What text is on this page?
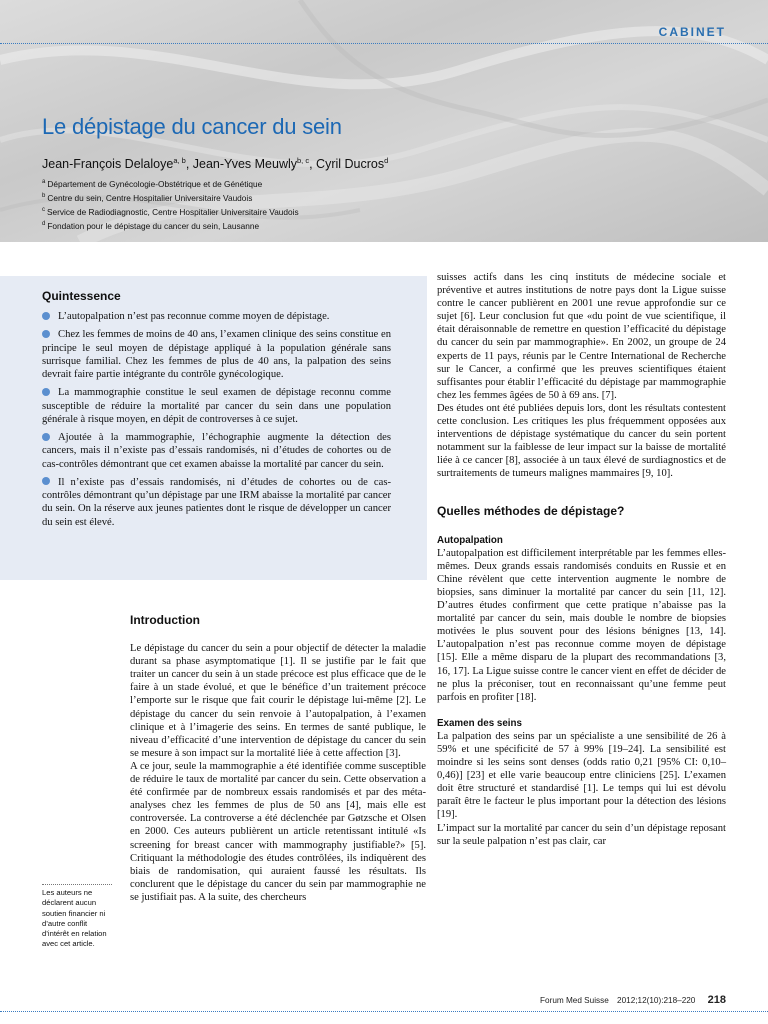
CABINET
Le dépistage du cancer du sein
Jean-François Delaloye$^{a, b}$, Jean-Yves Meuwly$^{b, c}$, Cyril Ducros$^d$
$^a$ Département de Gynécologie-Obstétrique et de Génétique
$^b$ Centre du sein, Centre Hospitalier Universitaire Vaudois
$^c$ Service de Radiodiagnostic, Centre Hospitalier Universitaire Vaudois
$^d$ Fondation pour le dépistage du cancer du sein, Lausanne
Quintessence
L’autopalpation n’est pas reconnue comme moyen de dépistage.
Chez les femmes de moins de 40 ans, l’examen clinique des seins constitue en principe le seul moyen de dépistage appliqué à la population générale sans surrisque familial. Chez les femmes de plus de 40 ans, la palpation des seins devrait faire partie intégrante du contrôle gynécologique.
La mammographie constitue le seul examen de dépistage reconnu comme susceptible de réduire la mortalité par cancer du sein dans une population générale à risque moyen, en dépit de controverses à ce sujet.
Ajoutée à la mammographie, l’échographie augmente la détection des cancers, mais il n’existe pas d’essais randomisés, ni d’études de cohortes ou de cas-contrôles démontrant que cet examen abaisse la mortalité par cancer du sein.
Il n’existe pas d’essais randomisés, ni d’études de cohortes ou de cas-contrôles démontrant qu’un dépistage par une IRM abaisse la mortalité par cancer du sein. On la réserve aux jeunes patientes dont le risque de développer un cancer du sein est élevé.
Introduction

Le dépistage du cancer du sein a pour objectif de détecter la maladie durant sa phase asymptomatique [1]. Il se justifie par le fait que traiter un cancer du sein à un stade précoce est plus efficace que de le faire à un stade évolué, et que le bénéfice d’un traitement précoce l’emporte sur le risque que fait courir le dépistage lui-même [2]. Le dépistage du cancer du sein renvoie à l’autopalpation, à l’examen clinique et à l’imagerie des seins. En termes de santé publique, le niveau d’efficacité d’une intervention de dépistage du cancer du sein se mesure à son impact sur la mortalité liée à cette affection [3].

A ce jour, seule la mammographie a été identifiée comme susceptible de réduire le taux de mortalité par cancer du sein. Cette observation a été confirmée par de nombreux essais randomisés et par des méta-analyses chez les femmes de plus de 50 ans [4], mais elle est controversée. La controverse a été déclenchée par Gøtzsche et Olsen en 2000. Ces auteurs publièrent un article retentissant intitulé «Is screening for breast cancer with mammography justifiable?» [5]. Critiquant la méthodologie des études contrôlées, ils indiquèrent des biais de randomisation, qui auraient faussé les résultats. Ils conclurent que le dépistage du cancer du sein par mammographie ne se justifiait pas. A la suite, des chercheurs

Les auteurs ne déclarent aucun soutien financier ni d’autre conflit d’intérêt en relation avec cet article.

suisses actifs dans les cinq instituts de médecine sociale et préventive et autres institutions de notre pays dont la Ligue suisse contre le cancer publièrent en 2001 une revue approfondie sur ce sujet [6]. Leur conclusion fut que «du point de vue scientifique, il était déraisonnable de remettre en question l’efficacité du dépistage du cancer du sein par mammographie». En 2002, un groupe de 24 experts de 11 pays, réunis par le Centre International de Recherche sur le Cancer, a confirmé que les preuves scientifiques étaient suffisantes pour établir l’efficacité du dépistage par mammographie chez les femmes âgées de 50 à 69 ans. [7].

Des études ont été publiées depuis lors, dont les résultats contestent cette conclusion. Les critiques les plus fréquemment opposées aux interventions de dépistage systématique du cancer du sein portent notamment sur la faiblesse de leur impact sur la baisse de mortalité liée à ce cancer [8], associée à un taux élevé de surdiagnostics et de surtraitements de tumeurs malignes mammaires [9, 10].

Quelles méthodes de dépistage?
Autopalpation

L’autopalpation est difficilement interprétable par les femmes elles-mêmes. Deux grands essais randomisés conduits en Russie et en Chine révèlent que cette intervention augmente le nombre de biopsies, sans diminuer la mortalité par cancer du sein [11, 12]. D’autres études confirment que cette pratique n’abaisse pas la mortalité par cancer du sein, mais double le nombre de biopsies motivées le plus souvent pour des lésions bénignes [13, 14]. L’autopalpation n’est pas reconnue comme moyen de dépistage [15]. Elle a même disparu de la plupart des recommandations [3, 16, 17]. La Ligue suisse contre le cancer vient en effet de décider de ne plus la préconiser, tout en reconnaissant qu’une femme peut parfois en profiter [18].

Examen des seins

La palpation des seins par un spécialiste a une sensibilité de 26 à 59% et une spécificité de 57 à 99% [19–24]. La sensibilité est moindre si les seins sont denses (odds ratio 0,21 [95% CI: 0,10–0,46)] [23] et elle varie beaucoup entre cliniciens [25]. L’examen doit être structuré et standardisé [1]. Le temps qui lui est dévolu paraît être le facteur le plus important pour la détection des lésions [19].

L’impact sur la mortalité par cancer du sein d’un dépistage reposant sur la seule palpation n’est pas clair, car

Forum Med Suisse 2012;12(10):218–220 218
